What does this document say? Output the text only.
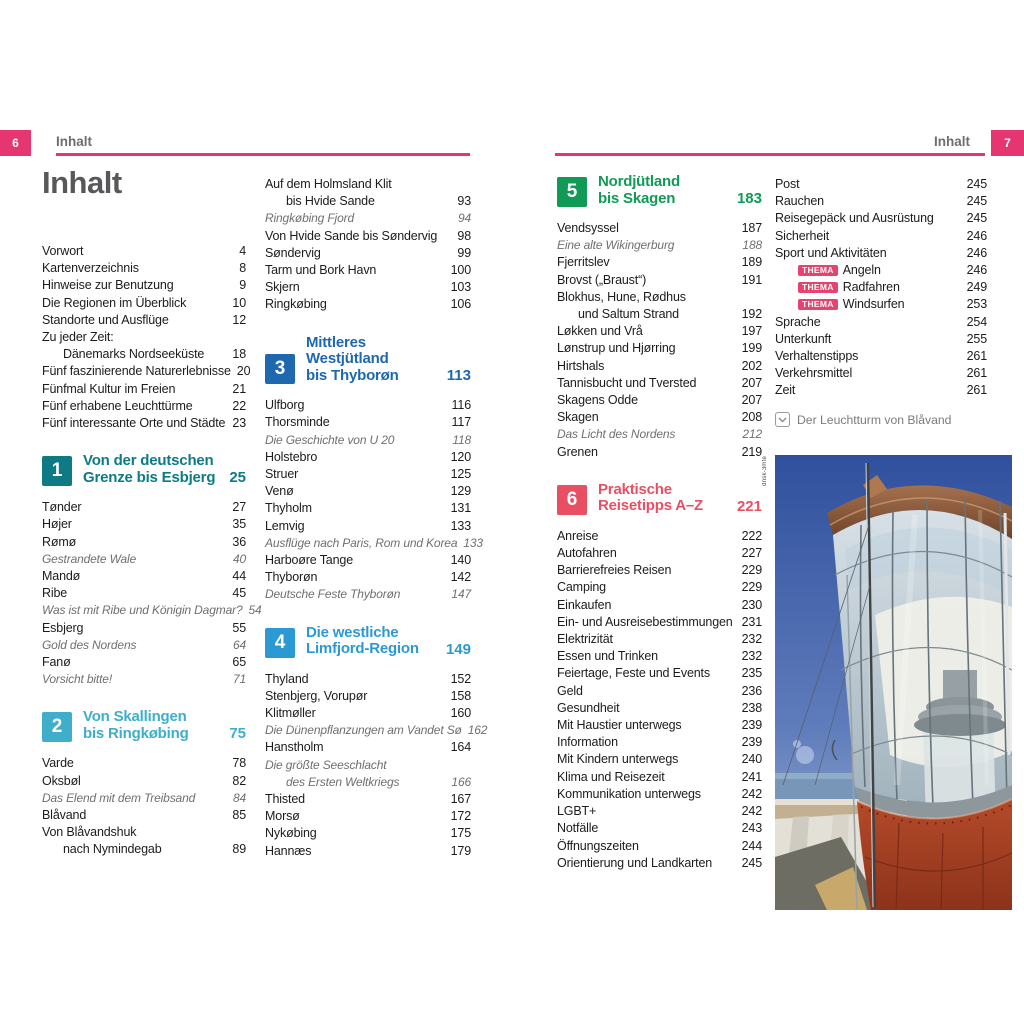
6	Inhalt	Inhalt	7
Inhalt
Vorwort	4
Kartenverzeichnis	8
Hinweise zur Benutzung	9
Die Regionen im Überblick	10
Standorte und Ausflüge	12
Zu jeder Zeit:
Dänemarks Nordseeküste 18
Fünf faszinierende Naturerlebnisse 20
Fünfmal Kultur im Freien	21
Fünf erhabene Leuchttürme	22
Fünf interessante Orte und Städte 23
1	Von der deutschen
Grenze bis Esbjerg 25
Tønder	27
Højer	35
Rømø	36
Gestrandete Wale	40
Mandø	44
Ribe	45
Was ist mit Ribe und Königin Dagmar? 54
Esbjerg	55
Gold des Nordens	64
Fanø	65
Vorsicht bitte!	71
2	Von Skallingen
bis Ringkøbing	75
Varde	78
Oksbøl	82
Das Elend mit dem Treibsand	84
Blåvand	85
Von Blåvandshuk
nach Nymindegab	89
Auf dem Holmsland Klit
bis Hvide Sande	93
Ringkøbing Fjord	94
Von Hvide Sande bis Søndervig 98
Søndervig	99
Tarm und Bork Havn	100
Skjern	103
Ringkøbing	106
3
Mittleres
Westjütland
bis Thyborøn	113
Ulfborg	116
Thorsminde	117
Die Geschichte von U 20	118
Holstebro	120
Struer	125
Venø	129
Thyholm	131
Lemvig	133
Ausflüge nach Paris, Rom und Korea 133
Harboøre Tange	140
Thyborøn	142
Deutsche Feste Thyborøn	147
4	Die westliche
Limfjord-Region	149
Thyland	152
Stenbjerg, Vorupør	158
Klitmøller	160
Die Dünenpflanzungen am Vandet Sø 162
Hanstholm	164
Die größte Seeschlacht
des Ersten Weltkriegs	166
Thisted	167
Morsø	172
Nykøbing	175
Hannæs	179
5	Nordjütland
bis Skagen	183
Vendsyssel	187
Eine alte Wikingerburg	188
Fjerritslev	189
Brovst („Braust“)	191
Blokhus, Hune, Rødhus
und Saltum Strand	192
Løkken und Vrå	197
Lønstrup und Hjørring	199
Hirtshals	202
Tannisbucht und Tversted	207
Skagens Odde	207
Skagen	208
Das Licht des Nordens	212
Grenen	219
6	Praktische
Reisetipps A–Z	221
Anreise	222
Autofahren	227
Barrierefreies Reisen	229
Camping	229
Einkaufen	230
Ein- und Ausreisebestimmungen 231
Elektrizität	232
Essen und Trinken	232
Feiertage, Feste und Events	235
Geld	236
Gesundheit	238
Mit Haustier unterwegs	239
Information	239
Mit Kindern unterwegs	240
Klima und Reisezeit	241
Kommunikation unterwegs	242
LGBT+	242
Notfälle	243
Öffnungszeiten	244
Orientierung und Landkarten 245
Post	245
Rauchen	245
Reisegepäck und Ausrüstung	245
Sicherheit	246
Sport und Aktivitäten	246
THEMA Angeln	246
THEMA Radfahren	249
THEMA Windsurfen	253
Sprache	254
Unterkunft	255
Verhaltenstipps	261
Verkehrsmittel	261
Zeit	261
Der Leuchtturm von Blåvand
dnsk-3mte
